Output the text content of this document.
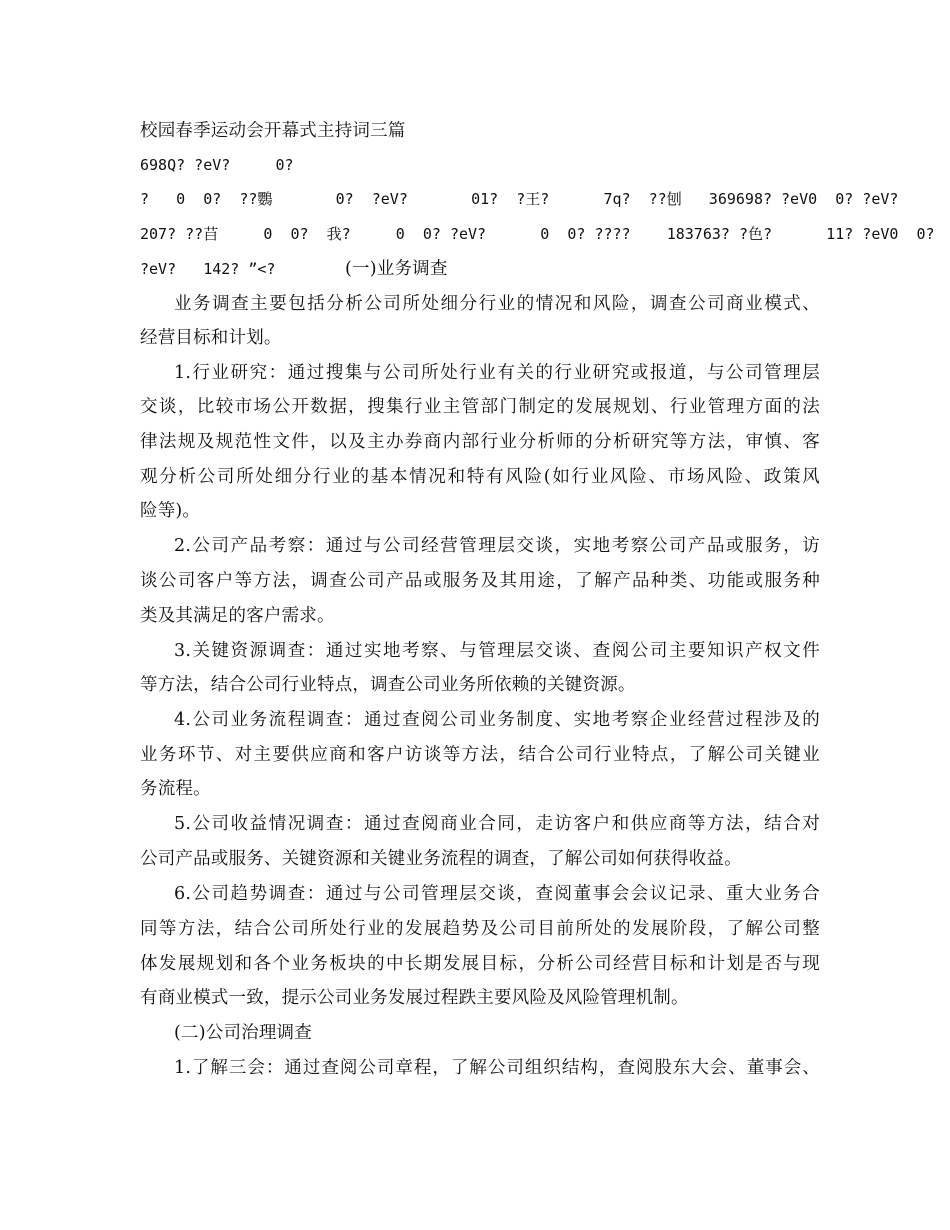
校园春季运动会开幕式主持词三篇
698Q? ?eV?     0?
?   0  0?  ??鸚       0?  ?eV?       01?  ?王?      7q?  ??刨   369698? ?eV0  0? ?eV?
207? ??䒤     0  0?  我?     0  0? ?eV?      0  0? ????    183763? ?色?      11? ?eV0  0?
?eV?   142? ”<?	(一)业务调查
业务调查主要包括分析公司所处细分行业的情况和风险，调查公司商业模式、
经营目标和计划。
1.行业研究：通过搜集与公司所处行业有关的行业研究或报道，与公司管理层
交谈，比较市场公开数据，搜集行业主管部门制定的发展规划、行业管理方面的法
律法规及规范性文件，以及主办券商内部行业分析师的分析研究等方法，审慎、客
观分析公司所处细分行业的基本情况和特有风险(如行业风险、市场风险、政策风
险等)。
2.公司产品考察：通过与公司经营管理层交谈，实地考察公司产品或服务，访
谈公司客户等方法，调查公司产品或服务及其用途，了解产品种类、功能或服务种
类及其满足的客户需求。
3.关键资源调查：通过实地考察、与管理层交谈、查阅公司主要知识产权文件
等方法，结合公司行业特点，调查公司业务所依赖的关键资源。
4.公司业务流程调查：通过查阅公司业务制度、实地考察企业经营过程涉及的
业务环节、对主要供应商和客户访谈等方法，结合公司行业特点，了解公司关键业
务流程。
5.公司收益情况调查：通过查阅商业合同，走访客户和供应商等方法，结合对
公司产品或服务、关键资源和关键业务流程的调查，了解公司如何获得收益。
6.公司趋势调查：通过与公司管理层交谈，查阅董事会会议记录、重大业务合
同等方法，结合公司所处行业的发展趋势及公司目前所处的发展阶段，了解公司整
体发展规划和各个业务板块的中长期发展目标，分析公司经营目标和计划是否与现
有商业模式一致，提示公司业务发展过程跌主要风险及风险管理机制。
(二)公司治理调查
1.了解三会：通过查阅公司章程，了解公司组织结构，查阅股东大会、董事会、
